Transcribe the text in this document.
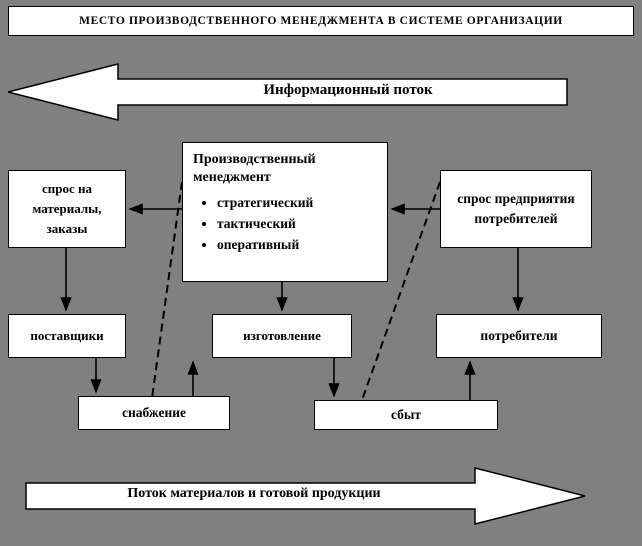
МЕСТО ПРОИЗВОДСТВЕННОГО МЕНЕДЖМЕНТА В СИСТЕМЕ ОРГАНИЗАЦИИ
Информационный поток
Поток материалов и готовой продукции
спрос на материалы, заказы
Производственный менеджмент
• стратегический
• тактический
• оперативный
спрос предприятия потребителей
поставщики	изготовление	потребители
снабжение	сбыт
